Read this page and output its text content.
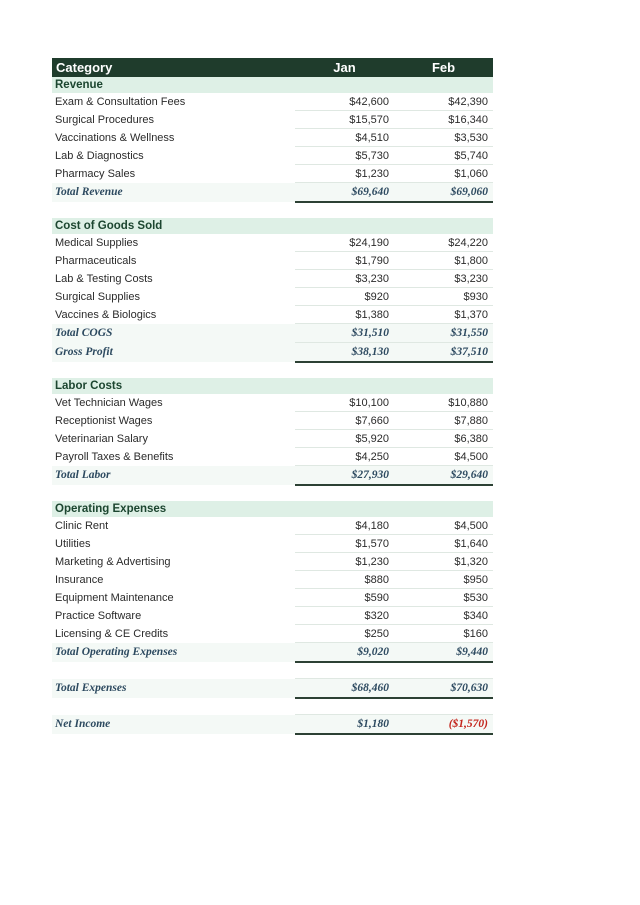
Category	Jan	Feb
Revenue		
Exam & Consultation Fees	$42,600	$42,390
Surgical Procedures	$15,570	$16,340
Vaccinations & Wellness	$4,510	$3,530
Lab & Diagnostics	$5,730	$5,740
Pharmacy Sales	$1,230	$1,060
Total Revenue	$69,640	$69,060

Cost of Goods Sold		
Medical Supplies	$24,190	$24,220
Pharmaceuticals	$1,790	$1,800
Lab & Testing Costs	$3,230	$3,230
Surgical Supplies	$920	$930
Vaccines & Biologics	$1,380	$1,370
Total COGS	$31,510	$31,550
Gross Profit	$38,130	$37,510

Labor Costs		
Vet Technician Wages	$10,100	$10,880
Receptionist Wages	$7,660	$7,880
Veterinarian Salary	$5,920	$6,380
Payroll Taxes & Benefits	$4,250	$4,500
Total Labor	$27,930	$29,640

Operating Expenses		
Clinic Rent	$4,180	$4,500
Utilities	$1,570	$1,640
Marketing & Advertising	$1,230	$1,320
Insurance	$880	$950
Equipment Maintenance	$590	$530
Practice Software	$320	$340
Licensing & CE Credits	$250	$160
Total Operating Expenses	$9,020	$9,440

Total Expenses	$68,460	$70,630

Net Income	$1,180	($1,570)
